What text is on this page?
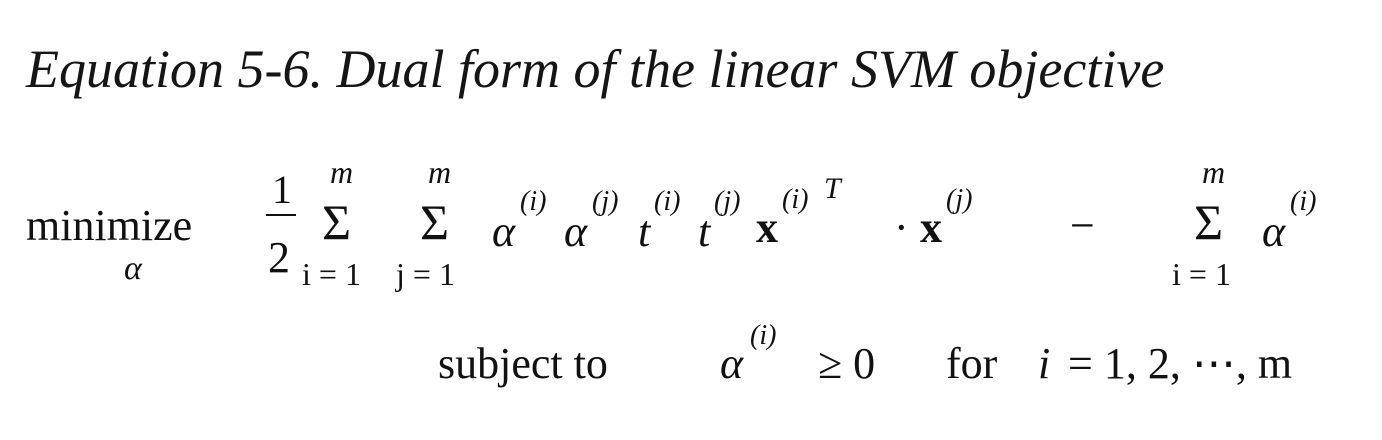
Equation 5-6. Dual form of the linear SVM objective
minimize
α
1
2
m
Σ
i = 1
m
Σ
j = 1
α
(i)
α
(j)
t
(i)
t
(j)
x
(i) T
· x
(j)
−
m
Σ
i = 1
α
(i)
subject to	α
(i)
≥ 0 for i = 1, 2, ⋯, m
